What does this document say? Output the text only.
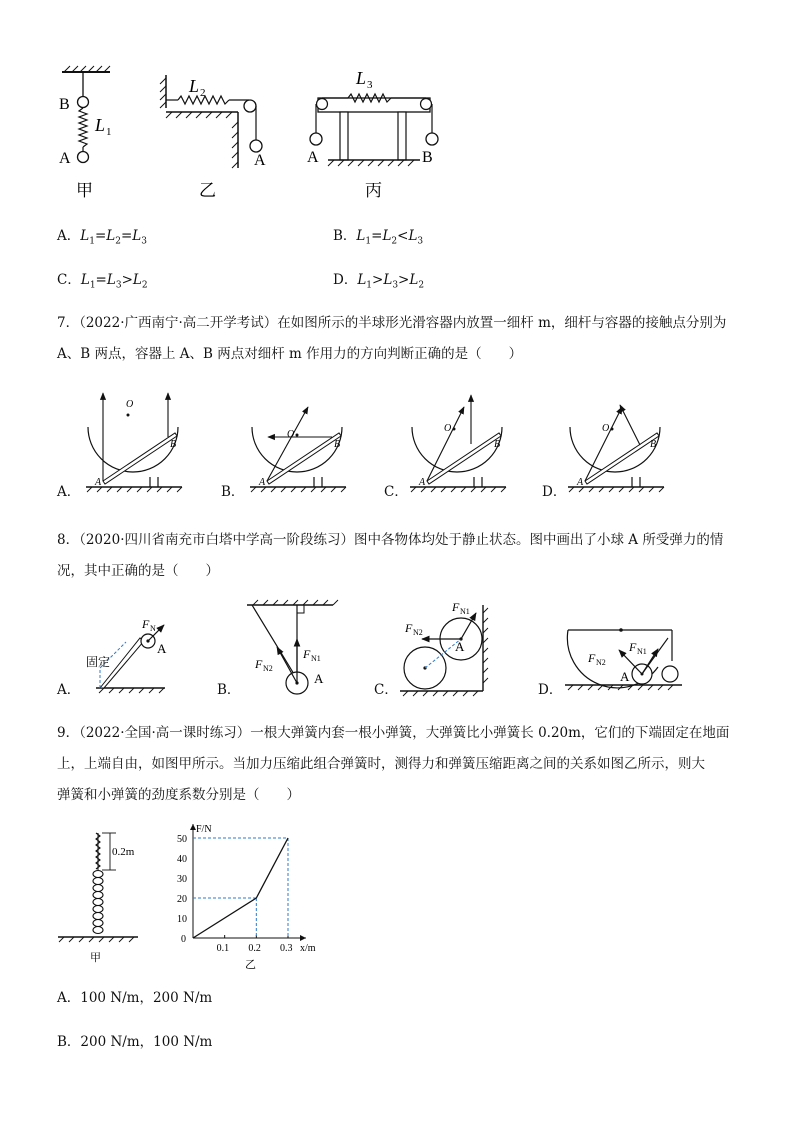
B
A
L 1
甲
L 2
A
乙
L 3
A	B
丙
A．$L_1=L_2=L_3$	B．$L_1=L_2<L_3$
C．$L_1=L_3>L_2$	D．$L_1>L_3>L_2$
7．（2022·广西南宁·高二开学考试）在如图所示的半球形光滑容器内放置一细杆 m，细杆与容器的接触点分别为
A、B 两点，容器上 A、B 两点对细杆 m 作用力的方向判断正确的是（　　）
O
A
B
O
A
B
O
A
B
O
A
B
A．	B．	C．	D．
8．（2020·四川省南充市白塔中学高一阶段练习）图中各物体均处于静止状态。图中画出了小球 A 所受弹力的情
况，其中正确的是（　　）
F N
A
固定
F N1
F N2
A
F N1
F N2
A	F N1
F N2
A
A．	B．	C．	D．
9．（2022·全国·高一课时练习）一根大弹簧内套一根小弹簧，大弹簧比小弹簧长 0.20m，它们的下端固定在地面
上，上端自由，如图甲所示。当加力压缩此组合弹簧时，测得力和弹簧压缩距离之间的关系如图乙所示，则大
弹簧和小弹簧的劲度系数分别是（　　）
0.2m
甲
0
10
20
30
40
50
0.1 0.2 0.3
F/N
x/m
乙
A．100 N/m，200 N/m
B．200 N/m，100 N/m
